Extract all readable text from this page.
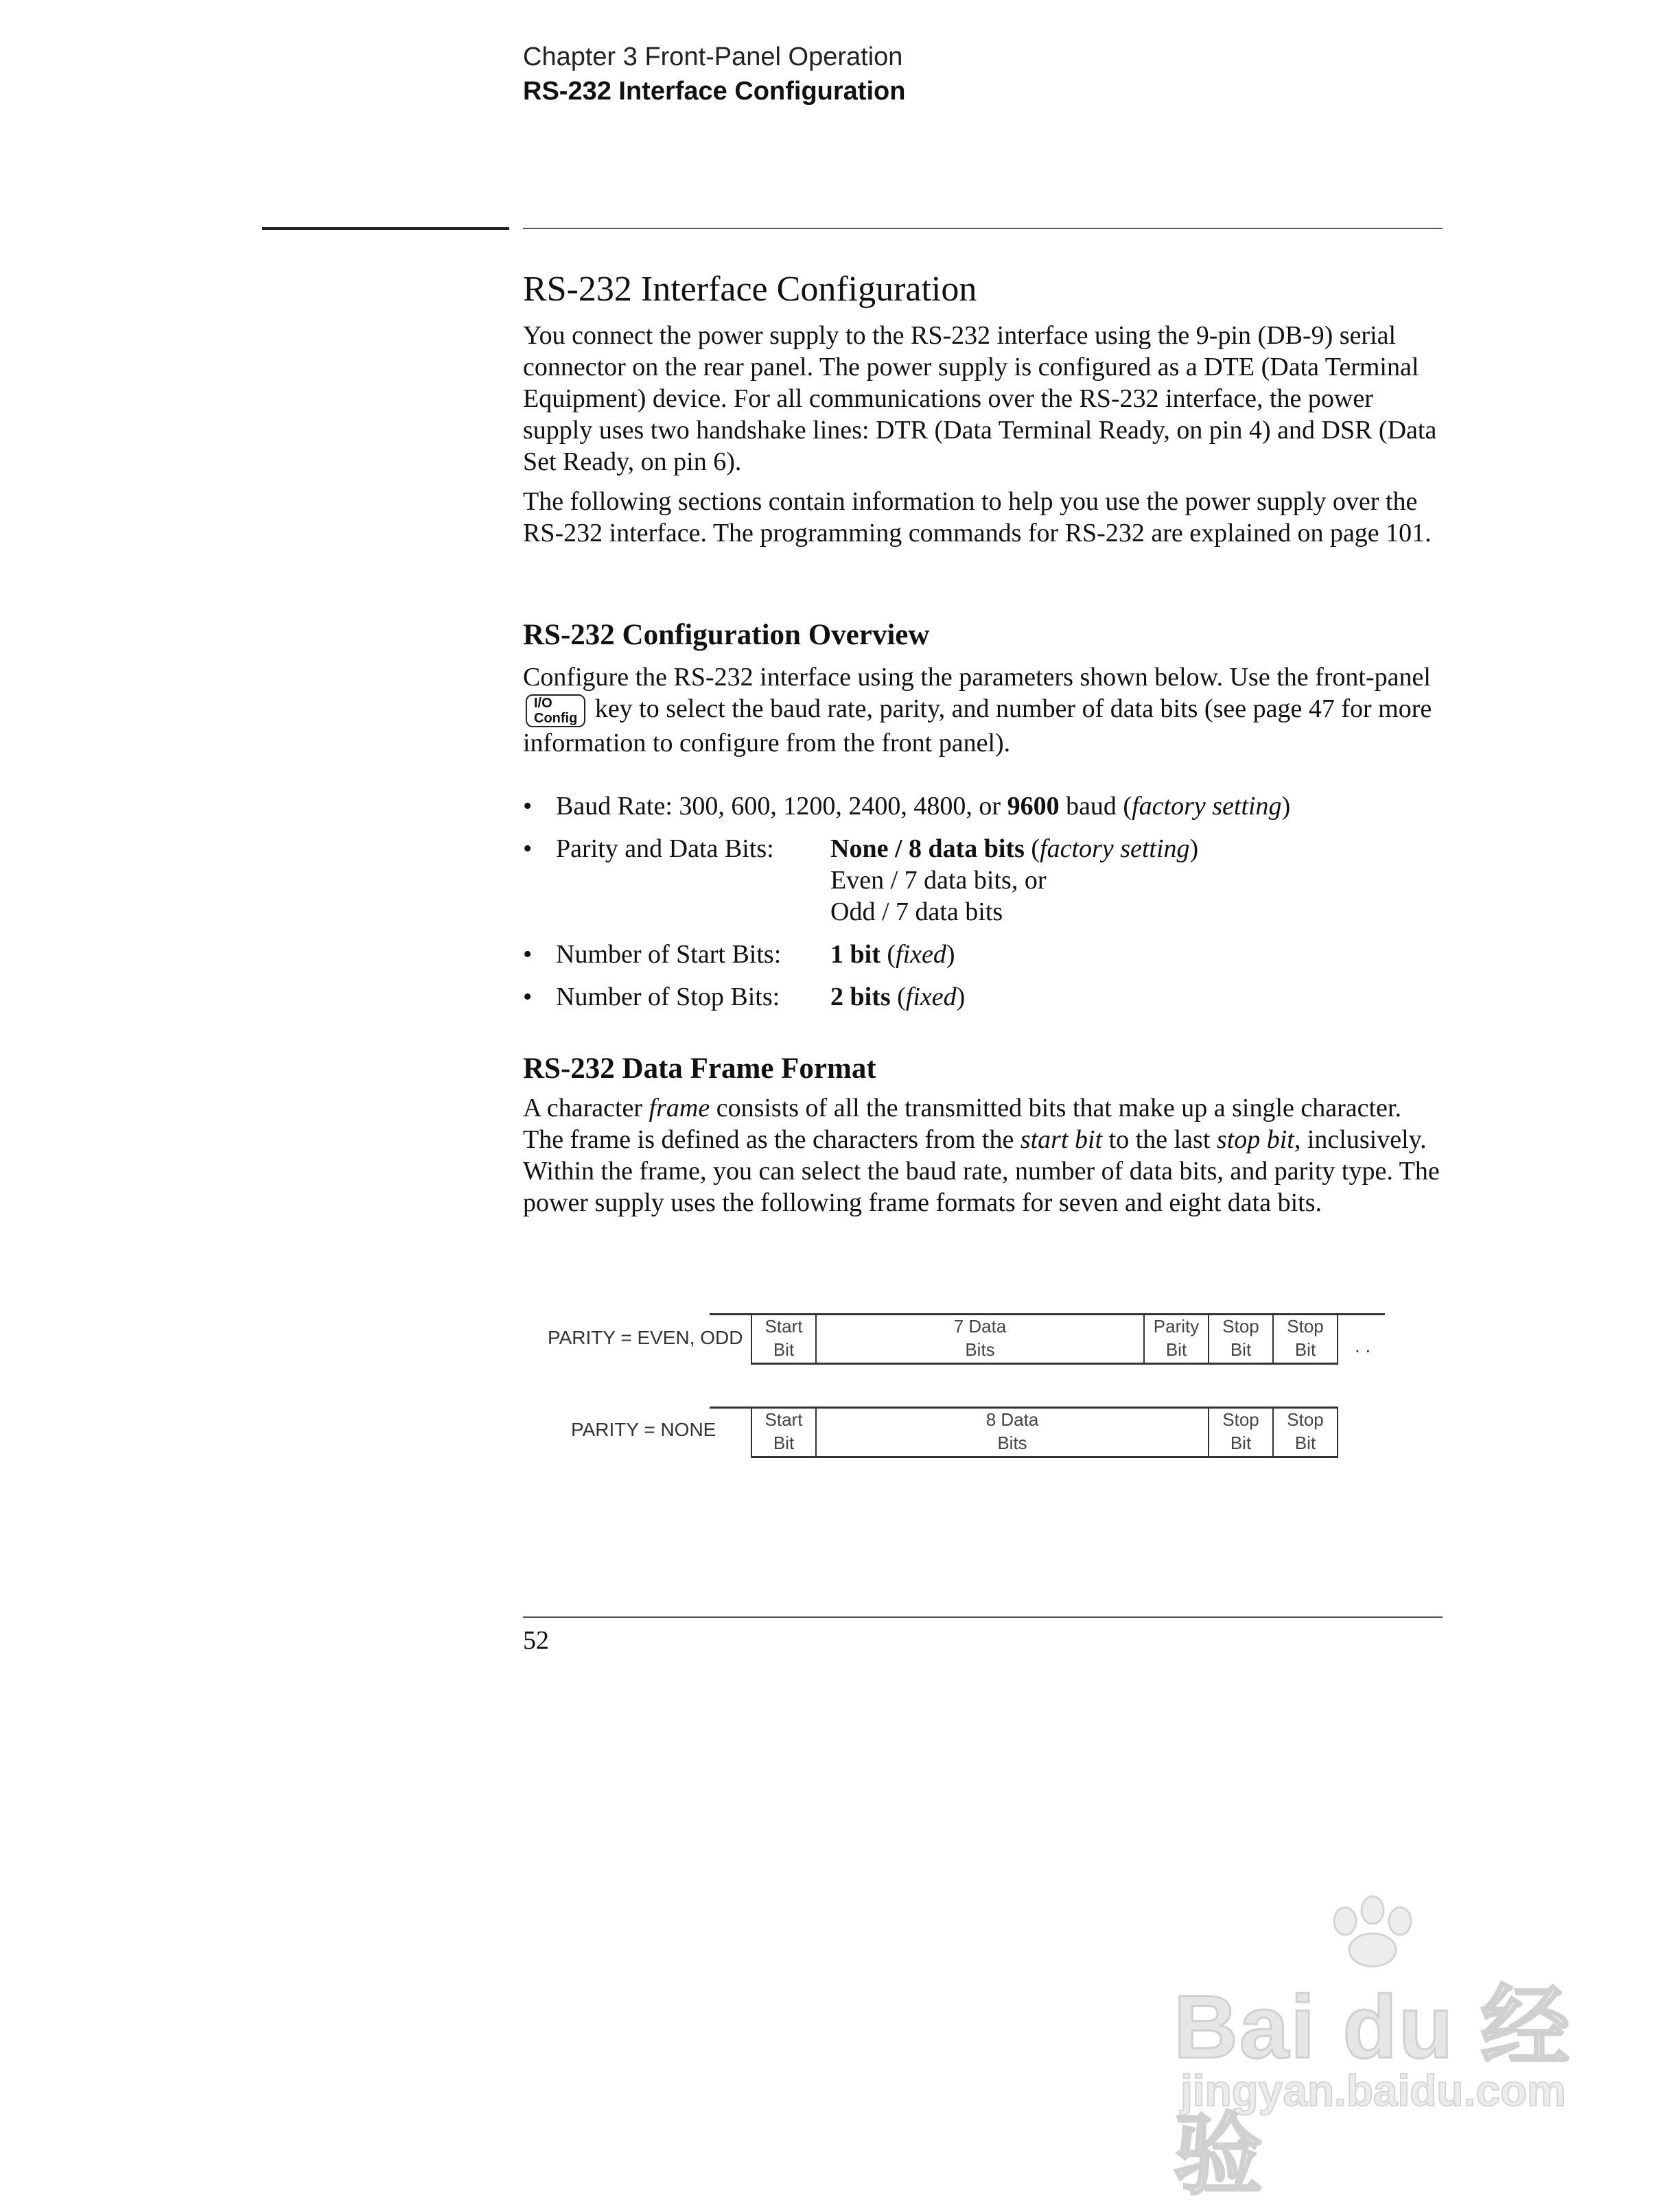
Chapter 3 Front-Panel Operation
RS-232 Interface Configuration
RS-232 Interface Configuration

You connect the power supply to the RS-232 interface using the 9-pin (DB-9) serial connector on the rear panel. The power supply is configured as a DTE (Data Terminal Equipment) device. For all communications over the RS-232 interface, the power supply uses two handshake lines: DTR (Data Terminal Ready, on pin 4) and DSR (Data Set Ready, on pin 6).

The following sections contain information to help you use the power supply over the RS-232 interface. The programming commands for RS-232 are explained on page 101.

RS-232 Configuration Overview

Configure the RS-232 interface using the parameters shown below. Use the front-panel
I/O
Config key to select the baud rate, parity, and number of data bits (see page 47 for more information to configure from the front panel).

• Baud Rate: 300, 600, 1200, 2400, 4800, or 9600 baud (factory setting)
• Parity and Data Bits: None / 8 data bits (factory setting)
Even / 7 data bits, or
Odd / 7 data bits
• Number of Start Bits: 1 bit (fixed)
• Number of Stop Bits: 2 bits (fixed)
RS-232 Data Frame Format

A character frame consists of all the transmitted bits that make up a single character. The frame is defined as the characters from the start bit to the last stop bit, inclusively. Within the frame, you can select the baud rate, number of data bits, and parity type. The power supply uses the following frame formats for seven and eight data bits.

PARITY = EVEN, ODD
Start
Bit
7 Data
Bits
Parity
Bit
Stop
Bit
Stop
Bit	. .
PARITY = NONE	Start
Bit
8 Data
Bits
Stop
Bit
Stop
Bit
52
Bai du 经验
jingyan.baidu.com
